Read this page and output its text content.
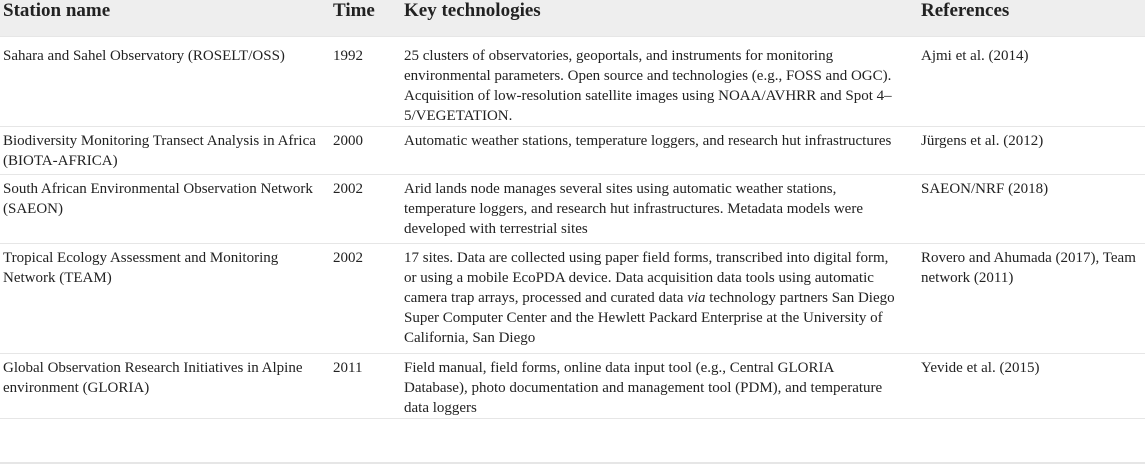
Station name	Time	Key technologies	References
Sahara and Sahel Observatory (ROSELT/OSS)	1992	25 clusters of observatories, geoportals, and instruments for monitoring environmental parameters. Open source and technologies (e.g., FOSS and OGC). Acquisition of low-resolution satellite images using NOAA/AVHRR and Spot 4–5/VEGETATION.	Ajmi et al. (2014)
Biodiversity Monitoring Transect Analysis in Africa (BIOTA-AFRICA)	2000	Automatic weather stations, temperature loggers, and research hut infrastructures	Jürgens et al. (2012)
South African Environmental Observation Network (SAEON)	2002	Arid lands node manages several sites using automatic weather stations, temperature loggers, and research hut infrastructures. Metadata models were developed with terrestrial sites	SAEON/NRF (2018)
Tropical Ecology Assessment and Monitoring Network (TEAM)	2002	17 sites. Data are collected using paper field forms, transcribed into digital form, or using a mobile EcoPDA device. Data acquisition data tools using automatic camera trap arrays, processed and curated data via technology partners San Diego Super Computer Center and the Hewlett Packard Enterprise at the University of California, San Diego	Rovero and Ahumada (2017), Team network (2011)
Global Observation Research Initiatives in Alpine environment (GLORIA)	2011	Field manual, field forms, online data input tool (e.g., Central GLORIA Database), photo documentation and management tool (PDM), and temperature data loggers	Yevide et al. (2015)
